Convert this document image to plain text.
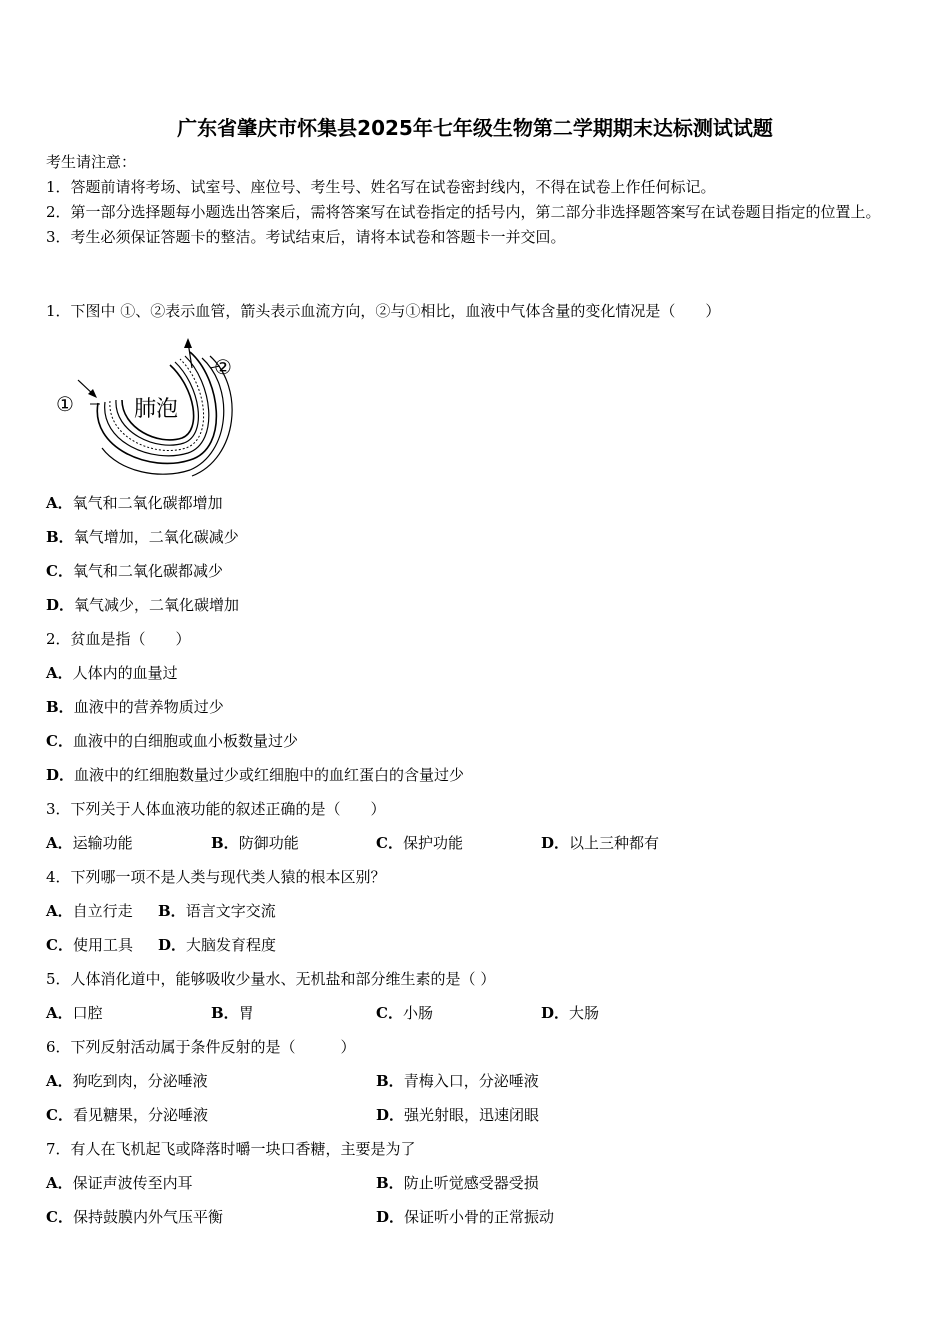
广东省肇庆市怀集县2025年七年级生物第二学期期末达标测试试题
考生请注意：
1．答题前请将考场、试室号、座位号、考生号、姓名写在试卷密封线内，不得在试卷上作任何标记。
2．第一部分选择题每小题选出答案后，需将答案写在试卷指定的括号内，第二部分非选择题答案写在试卷题目指定的位置上。
3．考生必须保证答题卡的整洁。考试结束后，请将本试卷和答题卡一并交回。
1．下图中 ①、②表示血管，箭头表示血流方向，②与①相比，血液中气体含量的变化情况是（　　）
①
②
肺泡
A．氧气和二氧化碳都增加
B．氧气增加，二氧化碳减少
C．氧气和二氧化碳都减少
D．氧气减少，二氧化碳增加
2．贫血是指（　　）
A．人体内的血量过
B．血液中的营养物质过少
C．血液中的白细胞或血小板数量过少
D．血液中的红细胞数量过少或红细胞中的血红蛋白的含量过少
3．下列关于人体血液功能的叙述正确的是（　　）
A．运输功能	B．防御功能	C．保护功能	D．以上三种都有
4．下列哪一项不是人类与现代类人猿的根本区别？
A．自立行走 B．语言文字交流
C．使用工具 D．大脑发育程度
5．人体消化道中，能够吸收少量水、无机盐和部分维生素的是（ ）
A．口腔	B．胃	C．小肠	D．大肠
6．下列反射活动属于条件反射的是（　　　）
A．狗吃到肉，分泌唾液	B．青梅入口，分泌唾液
C．看见糖果，分泌唾液	D．强光射眼，迅速闭眼
7．有人在飞机起飞或降落时嚼一块口香糖，主要是为了
A．保证声波传至内耳	B．防止听觉感受器受损
C．保持鼓膜内外气压平衡	D．保证听小骨的正常振动
